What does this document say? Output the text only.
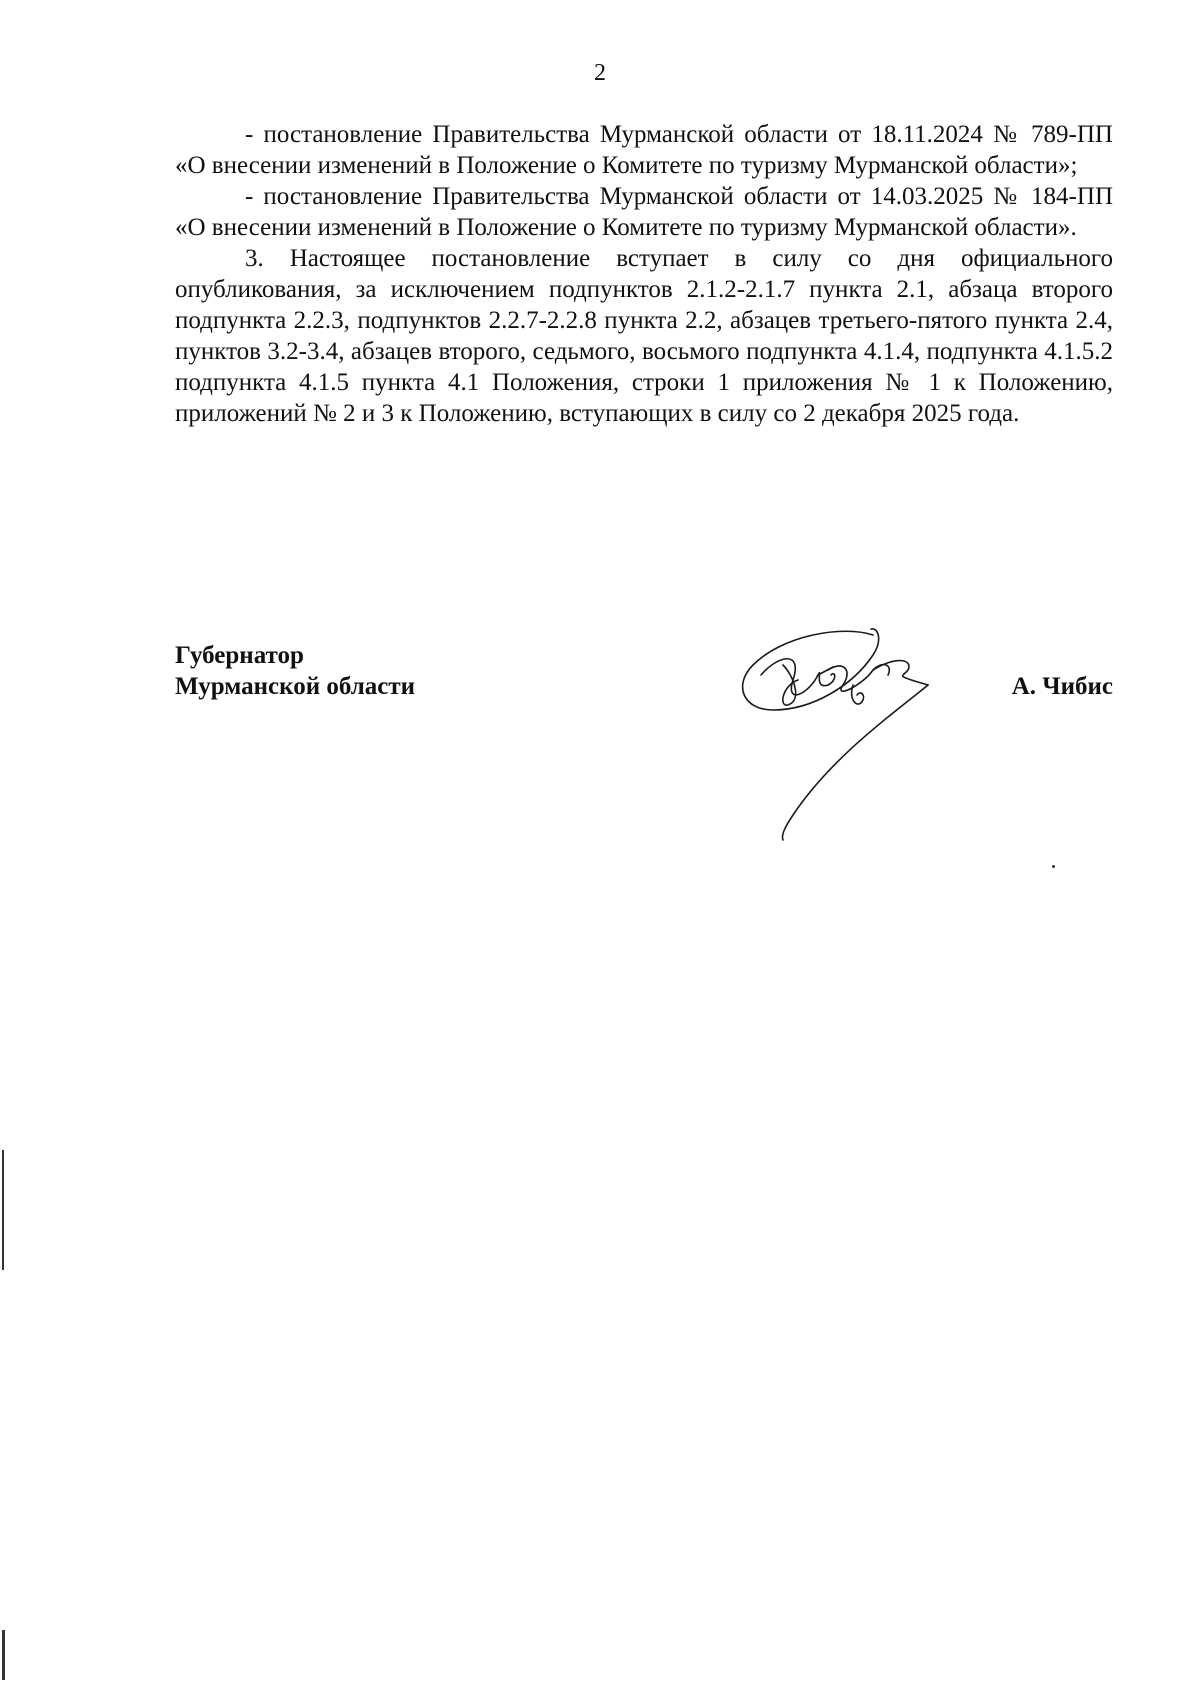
2

- постановление Правительства Мурманской области от 18.11.2024 № 789-ПП «О внесении изменений в Положение о Комитете по туризму Мурманской области»;

- постановление Правительства Мурманской области от 14.03.2025 № 184-ПП «О внесении изменений в Положение о Комитете по туризму Мурманской области».

3. Настоящее постановление вступает в силу со дня официального опубликования, за исключением подпунктов 2.1.2-2.1.7 пункта 2.1, абзаца второго подпункта 2.2.3, подпунктов 2.2.7-2.2.8 пункта 2.2, абзацев третьего-пятого пункта 2.4, пунктов 3.2-3.4, абзацев второго, седьмого, восьмого подпункта 4.1.4, подпункта 4.1.5.2 подпункта 4.1.5 пункта 4.1 Положения, строки 1 приложения № 1 к Положению, приложений № 2 и 3 к Положению, вступающих в силу со 2 декабря 2025 года.

Губернатор
Мурманской области	А. Чибис
